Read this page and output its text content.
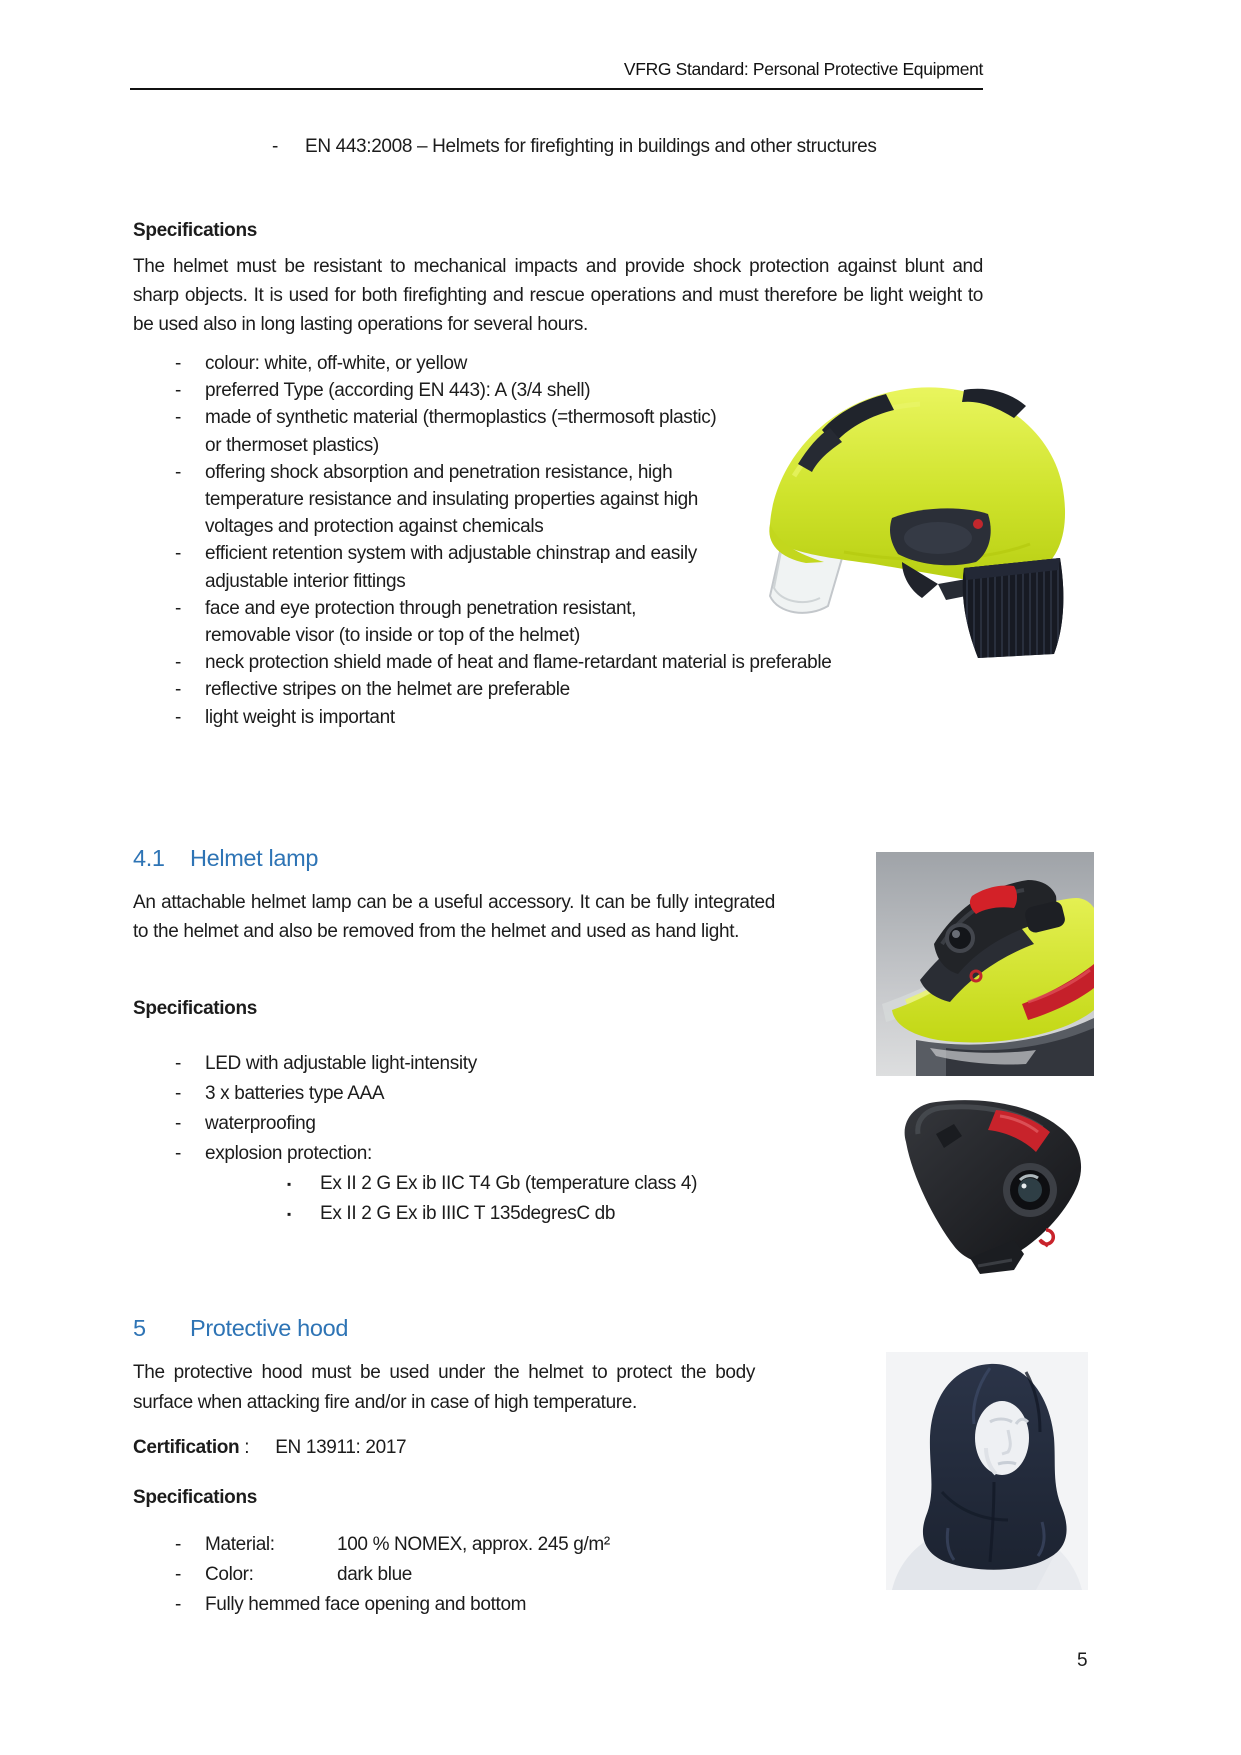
VFRG Standard: Personal Protective Equipment
-	EN 443:2008 – Helmets for firefighting in buildings and other structures
Specifications
The helmet must be resistant to mechanical impacts and provide shock protection against blunt and sharp objects. It is used for both firefighting and rescue operations and must therefore be light weight to be used also in long lasting operations for several hours.
-	colour: white, off-white, or yellow
-	preferred Type (according EN 443): A (3/4 shell)
-	made of synthetic material (thermoplastics (=thermosoft plastic) or thermoset plastics)
-	offering shock absorption and penetration resistance, high temperature resistance and insulating properties against high voltages and protection against chemicals
-	efficient retention system with adjustable chinstrap and easily adjustable interior fittings
-	face and eye protection through penetration resistant, removable visor (to inside or top of the helmet)
-	neck protection shield made of heat and flame-retardant material is preferable
-	reflective stripes on the helmet are preferable
-	light weight is important
4.1	Helmet lamp
An attachable helmet lamp can be a useful accessory. It can be fully integrated to the helmet and also be removed from the helmet and used as hand light.
Specifications
-	LED with adjustable light-intensity
-	3 x batteries type AAA
-	waterproofing
-	explosion protection:
▪	Ex II 2 G Ex ib IIC T4 Gb (temperature class 4)
▪	Ex II 2 G Ex ib IIIC T 135degresC db
5	Protective hood
The protective hood must be used under the helmet to protect the body surface when attacking fire and/or in case of high temperature.
Certification : EN 13911: 2017
Specifications
-	Material:	100 % NOMEX, approx. 245 g/m²
-	Color:	dark blue
-	Fully hemmed face opening and bottom
5
